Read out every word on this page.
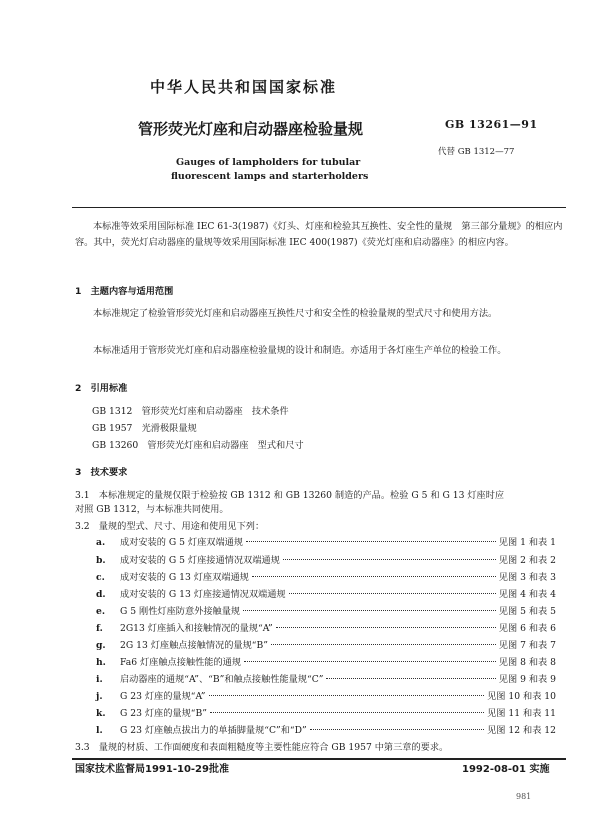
中华人民共和国国家标准
管形荧光灯座和启动器座检验量规	GB 13261—91
代替 GB 1312—77
Gauges of lampholders for tubular
fluorescent lamps and starterholders
本标准等效采用国际标准 IEC 61-3(1987)《灯头、灯座和检验其互换性、安全性的量规　第三部分量规》的相应内容。其中，荧光灯启动器座的量规等效采用国际标准 IEC 400(1987)《荧光灯座和启动器座》的相应内容。
1　主题内容与适用范围
本标准规定了检验管形荧光灯座和启动器座互换性尺寸和安全性的检验量规的型式尺寸和使用方法。
本标准适用于管形荧光灯座和启动器座检验量规的设计和制造。亦适用于各灯座生产单位的检验工作。
2　引用标准
GB 1312　管形荧光灯座和启动器座　技术条件
GB 1957　光滑极限量规
GB 13260　管形荧光灯座和启动器座　型式和尺寸
3　技术要求
3.1　本标准规定的量规仅限于检验按 GB 1312 和 GB 13260 制造的产品。检验 G 5 和 G 13 灯座时应
对照 GB 1312，与本标准共同使用。
3.2　量规的型式、尺寸、用途和使用见下列：
a.	成对安装的 G 5 灯座双端通规	见图 1 和表 1
b.	成对安装的 G 5 灯座接通情况双端通规	见图 2 和表 2
c.	成对安装的 G 13 灯座双端通规	见图 3 和表 3
d.	成对安装的 G 13 灯座接通情况双端通规	见图 4 和表 4
e.	G 5 刚性灯座防意外接触量规	见图 5 和表 5
f.	2G13 灯座插入和接触情况的量规“A”	见图 6 和表 6
g.	2G 13 灯座触点接触情况的量规“B”	见图 7 和表 7
h.	Fa6 灯座触点接触性能的通规	见图 8 和表 8
i.	启动器座的通规“A”、“B”和触点接触性能量规“C”	见图 9 和表 9
j.	G 23 灯座的量规“A”	见图 10 和表 10
k.	G 23 灯座的量规“B”	见图 11 和表 11
l.	G 23 灯座触点拔出力的单插脚量规“C”和“D”	见图 12 和表 12
3.3　量规的材质、工作面硬度和表面粗糙度等主要性能应符合 GB 1957 中第三章的要求。
国家技术监督局1991-10-29批准	1992-08-01 实施
981
